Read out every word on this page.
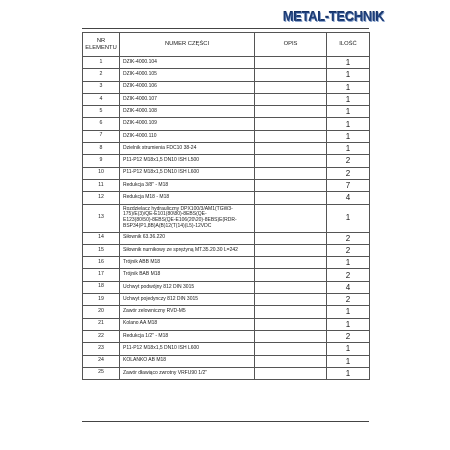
METAL-TECHNIK
NR
ELEMENTU	NUMER CZĘŚCI	OPIS	ILOŚĆ
1	DZIK-4000.104		1
2	DZIK-4000.105		1
3	DZIK-4000.106		1
4	DZIK-4000.107		1
5	DZIK-4000.108		1
6	DZIK-4000.109		1
7	DZIK-4000.110		1
8	Dzielnik strumienia FDC10 38-24		1
9	P11-P12 M18x1,5 DN10 ISH L500		2
10	P11-P12 M18x1,5 DN10 ISH L600		2
11	Redukcja 3/8" - M18		7
12	Redukcja M18 - M18		4
13	Rozdzielacz hydrauliczny DPX100/3/AM1(TGW3-175)/E(3)/QE-E101(80\80)-8EBS(QE-E123(80\50)-8EBS(QE-E106(20\20)-8EBS)E(RDR-BSP34(P1,8B)A(B)12(T(14)(L5)-12VDC		1
14	Siłownik 63.36.220		2
15	Siłownik nurnikowy ze sprężyną MT.35.20.30 L=242		2
16	Trójnik ABB M18		1
17	Trójnik BAB M18		2
18	Uchwyt podwójny 812 DIN 3015		4
19	Uchwyt pojedynczy 812 DIN 3015		2
20	Zawór zelowniczny RVD-M5		1
21	Kolano AA M18		1
22	Redukcja 1/2" - M18		2
23	P11-P12 M18x1,5 DN10 ISH L600		1
24	KOLANKO AB M18		1
25	Zawór dławiąco zwrotny VRFU90 1/2"		1
